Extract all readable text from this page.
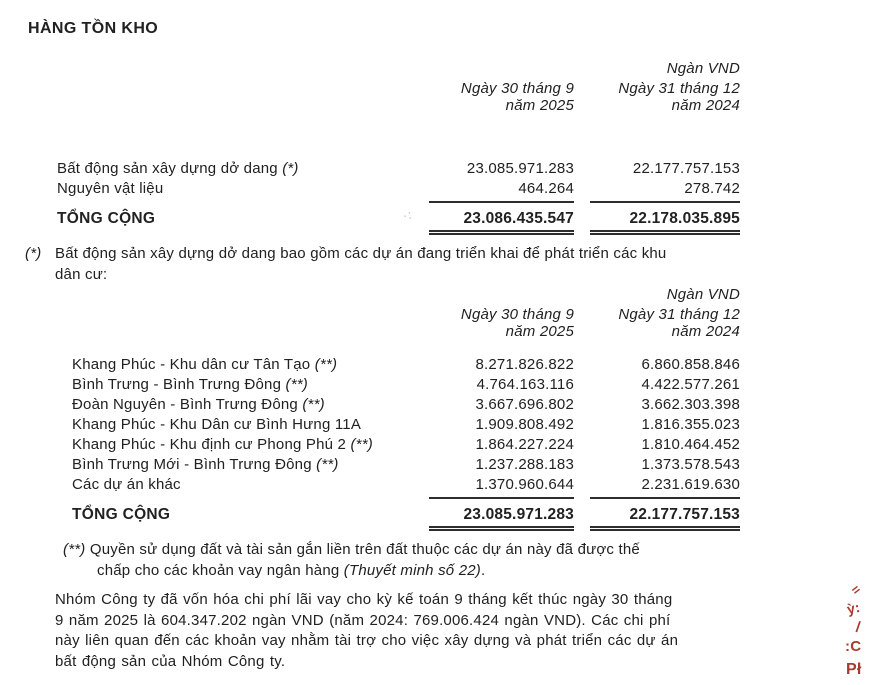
HÀNG TỒN KHO
Ngàn VND
Ngày 30 tháng 9
năm 2025
Ngày 31 tháng 12
năm 2024
Bất động sản xây dựng dở dang (*)	23.085.971.283	22.177.757.153
Nguyên vật liệu	464.264	278.742
TỔNG CỘNG	23.086.435.547	22.178.035.895
(*) Bất động sản xây dựng dở dang bao gồm các dự án đang triển khai để phát triển các khu
dân cư:
Ngàn VND
Ngày 30 tháng 9
năm 2025
Ngày 31 tháng 12
năm 2024
Khang Phúc - Khu dân cư Tân Tạo (**)	8.271.826.822	6.860.858.846
Bình Trưng - Bình Trưng Đông (**)	4.764.163.116	4.422.577.261
Đoàn Nguyên - Bình Trưng Đông (**)	3.667.696.802	3.662.303.398
Khang Phúc - Khu Dân cư Bình Hưng 11A	1.909.808.492	1.816.355.023
Khang Phúc - Khu định cư Phong Phú 2 (**)	1.864.227.224	1.810.464.452
Bình Trưng Mới - Bình Trưng Đông (**)	1.237.288.183	1.373.578.543
Các dự án khác	1.370.960.644	2.231.619.630
TỔNG CỘNG	23.085.971.283	22.177.757.153
(**) Quyền sử dụng đất và tài sản gắn liền trên đất thuộc các dự án này đã được thế
chấp cho các khoản vay ngân hàng (Thuyết minh số 22).
Nhóm Công ty đã vốn hóa chi phí lãi vay cho kỳ kế toán 9 tháng kết thúc ngày 30 tháng
9 năm 2025 là 604.347.202 ngàn VND (năm 2024: 769.006.424 ngàn VND). Các chi phí
này liên quan đến các khoản vay nhằm tài trợ cho việc xây dựng và phát triển các dự án
bất động sản của Nhóm Công ty.
=
ỳ:
/
:C
Pł
·:
